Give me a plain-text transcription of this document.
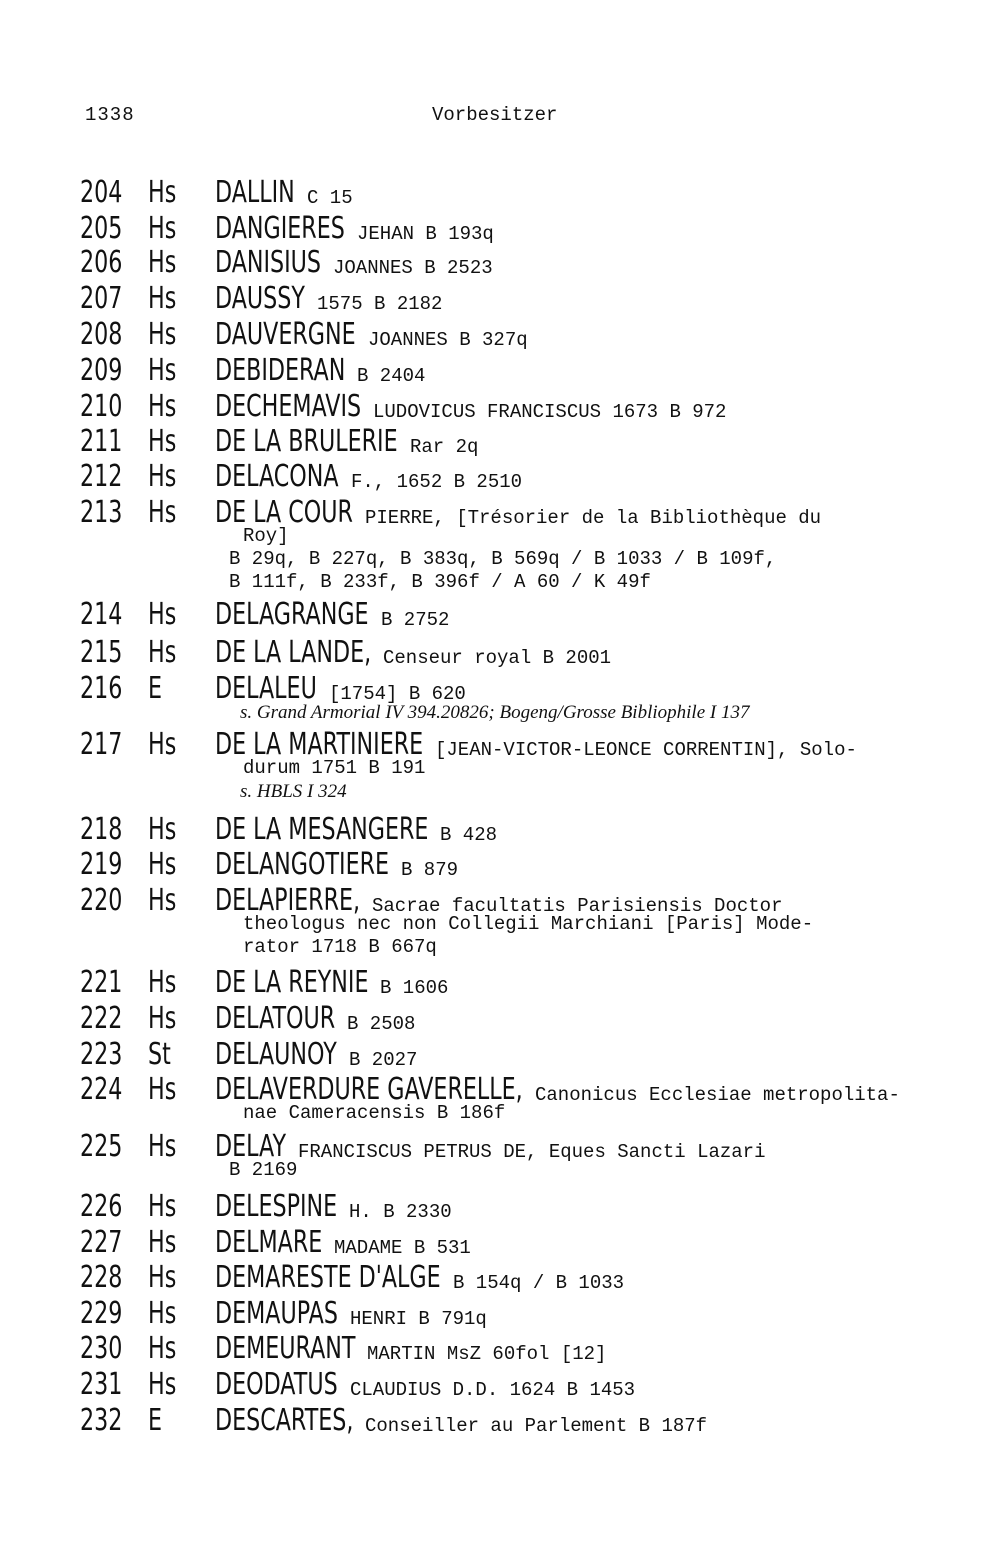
1338	Vorbesitzer
204 Hs DALLIN C 15
205 Hs DANGIERES JEHAN B 193q
206 Hs DANISIUS JOANNES B 2523
207 Hs DAUSSY 1575 B 2182
208 Hs DAUVERGNE JOANNES B 327q
209 Hs DEBIDERAN B 2404
210 Hs DECHEMAVIS LUDOVICUS FRANCISCUS 1673 B 972
211 Hs DE LA BRULERIE Rar 2q
212 Hs DELACONA F., 1652 B 2510
213 Hs DE LA COUR PIERRE, [Trésorier de la Bibliothèque du
Roy]
B 29q, B 227q, B 383q, B 569q / B 1033 / B 109f,
B 111f, B 233f, B 396f / A 60 / K 49f
214 Hs DELAGRANGE B 2752
215 Hs DE LA LANDE, Censeur royal B 2001
216 E DELALEU [1754] B 620
s. Grand Armorial IV 394.20826; Bogeng/Grosse Bibliophile I 137
217 Hs DE LA MARTINIERE [JEAN-VICTOR-LEONCE CORRENTIN], Solo-
durum 1751 B 191
s. HBLS I 324
218 Hs DE LA MESANGERE B 428
219 Hs DELANGOTIERE B 879
220 Hs DELAPIERRE, Sacrae facultatis Parisiensis Doctor
theologus nec non Collegii Marchiani [Paris] Mode-
rator 1718 B 667q
221 Hs DE LA REYNIE B 1606
222 Hs DELATOUR B 2508
223 St DELAUNOY B 2027
224 Hs DELAVERDURE GAVERELLE, Canonicus Ecclesiae metropolita-
nae Cameracensis B 186f
225 Hs DELAY FRANCISCUS PETRUS DE, Eques Sancti Lazari
B 2169
226 Hs DELESPINE H. B 2330
227 Hs DELMARE MADAME B 531
228 Hs DEMARESTE D'ALGE B 154q / B 1033
229 Hs DEMAUPAS HENRI B 791q
230 Hs DEMEURANT MARTIN MsZ 60fol [12]
231 Hs DEODATUS CLAUDIUS D.D. 1624 B 1453
232 E DESCARTES, Conseiller au Parlement B 187f
